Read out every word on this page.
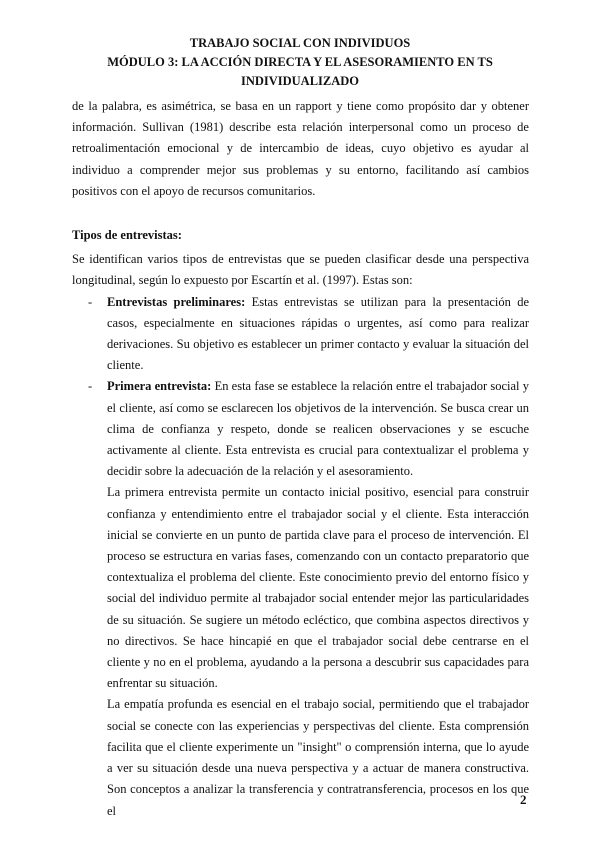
TRABAJO SOCIAL CON INDIVIDUOS
MÓDULO 3: LA ACCIÓN DIRECTA Y EL ASESORAMIENTO EN TS
INDIVIDUALIZADO

de la palabra, es asimétrica, se basa en un rapport y tiene como propósito dar y obtener información. Sullivan (1981) describe esta relación interpersonal como un proceso de retroalimentación emocional y de intercambio de ideas, cuyo objetivo es ayudar al individuo a comprender mejor sus problemas y su entorno, facilitando así cambios positivos con el apoyo de recursos comunitarios.

Tipos de entrevistas:

Se identifican varios tipos de entrevistas que se pueden clasificar desde una perspectiva longitudinal, según lo expuesto por Escartín et al. (1997). Estas son:

- Entrevistas preliminares: Estas entrevistas se utilizan para la presentación de casos, especialmente en situaciones rápidas o urgentes, así como para realizar derivaciones. Su objetivo es establecer un primer contacto y evaluar la situación del cliente.
- Primera entrevista: En esta fase se establece la relación entre el trabajador social y el cliente, así como se esclarecen los objetivos de la intervención. Se busca crear un clima de confianza y respeto, donde se realicen observaciones y se escuche activamente al cliente. Esta entrevista es crucial para contextualizar el problema y decidir sobre la adecuación de la relación y el asesoramiento.

La primera entrevista permite un contacto inicial positivo, esencial para construir confianza y entendimiento entre el trabajador social y el cliente. Esta interacción inicial se convierte en un punto de partida clave para el proceso de intervención. El proceso se estructura en varias fases, comenzando con un contacto preparatorio que contextualiza el problema del cliente. Este conocimiento previo del entorno físico y social del individuo permite al trabajador social entender mejor las particularidades de su situación. Se sugiere un método ecléctico, que combina aspectos directivos y no directivos. Se hace hincapié en que el trabajador social debe centrarse en el cliente y no en el problema, ayudando a la persona a descubrir sus capacidades para enfrentar su situación.

La empatía profunda es esencial en el trabajo social, permitiendo que el trabajador social se conecte con las experiencias y perspectivas del cliente. Esta comprensión facilita que el cliente experimente un "insight" o comprensión interna, que lo ayude a ver su situación desde una nueva perspectiva y a actuar de manera constructiva. Son conceptos a analizar la transferencia y contratransferencia, procesos en los que el

2
